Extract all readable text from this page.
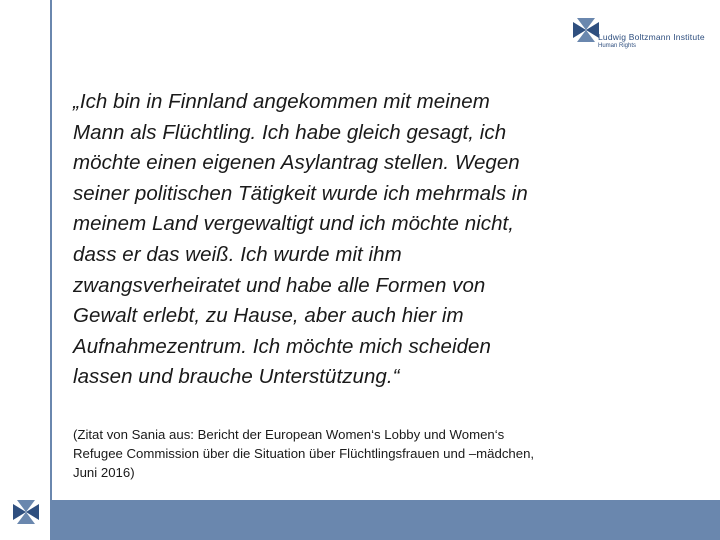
Ludwig Boltzmann Institute
Human Rights

„Ich bin in Finnland angekommen mit meinem
Mann als Flüchtling. Ich habe gleich gesagt, ich
möchte einen eigenen Asylantrag stellen. Wegen
seiner politischen Tätigkeit wurde ich mehrmals in
meinem Land vergewaltigt und ich möchte nicht,
dass er das weiß. Ich wurde mit ihm
zwangsverheiratet und habe alle Formen von
Gewalt erlebt, zu Hause, aber auch hier im
Aufnahmezentrum. Ich möchte mich scheiden
lassen und brauche Unterstützung.“

(Zitat von Sania aus: Bericht der European Women‘s Lobby und Women‘s
Refugee Commission über die Situation über Flüchtlingsfrauen und –mädchen,
Juni 2016)
